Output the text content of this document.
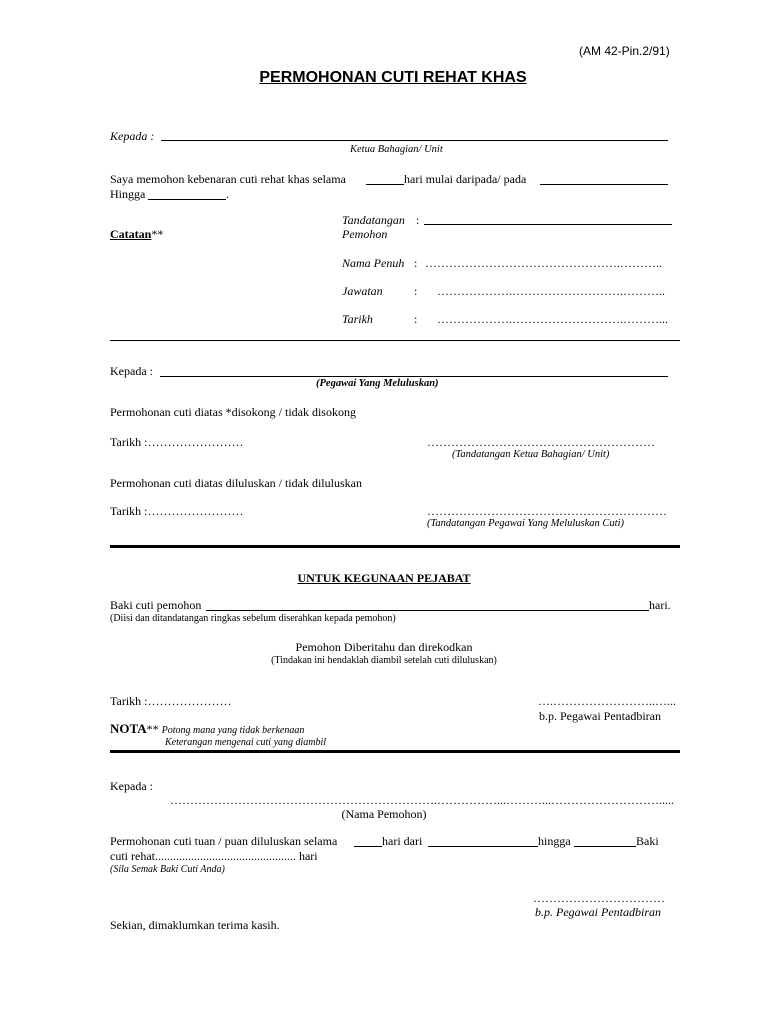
(AM 42-Pin.2/91)
PERMOHONAN CUTI REHAT KHAS
Kepada :
Ketua Bahagian/ Unit
Saya memohon kebenaran cuti rehat khas selama	hari mulai daripada/ pada
Hingga	.
Tandatangan :
Pemohon
Catatan**
Nama Penuh : ………………………………………….………..
Jawatan	: ……………….……………………….………..
Tarikh	: ……………….……………………….………...
Kepada :
(Pegawai Yang Meluluskan)
Permohonan cuti diatas *disokong / tidak disokong
Tarikh :……………………	…………………………………………………
(Tandatangan Ketua Bahagian/ Unit)
Permohonan cuti diatas diluluskan / tidak diluluskan
Tarikh :……………………	……………………………………………………
(Tandatangan Pegawai Yang Meluluskan Cuti)
UNTUK KEGUNAAN PEJABAT
Baki cuti pemohon	hari.
(Diisi dan ditandatangan ringkas sebelum diserahkan kepada pemohon)
Pemohon Diberitahu dan direkodkan
(Tindakan ini hendaklah diambil setelah cuti diluluskan)
Tarikh :…………………	….……………………..…...
b.p. Pegawai Pentadbiran
NOTA** Potong mana yang tidak berkenaan
Keterangan mengenai cuti yang diambil
Kepada :
………………………………………………………….……………...………...……………………….....
(Nama Pemohon)
Permohonan cuti tuan / puan diluluskan selama	hari dari	hingga	Baki
cuti rehat............................................... hari
(Sila Semak Baki Cuti Anda)
……………………………
b.p. Pegawai Pentadbiran
Sekian, dimaklumkan terima kasih.
